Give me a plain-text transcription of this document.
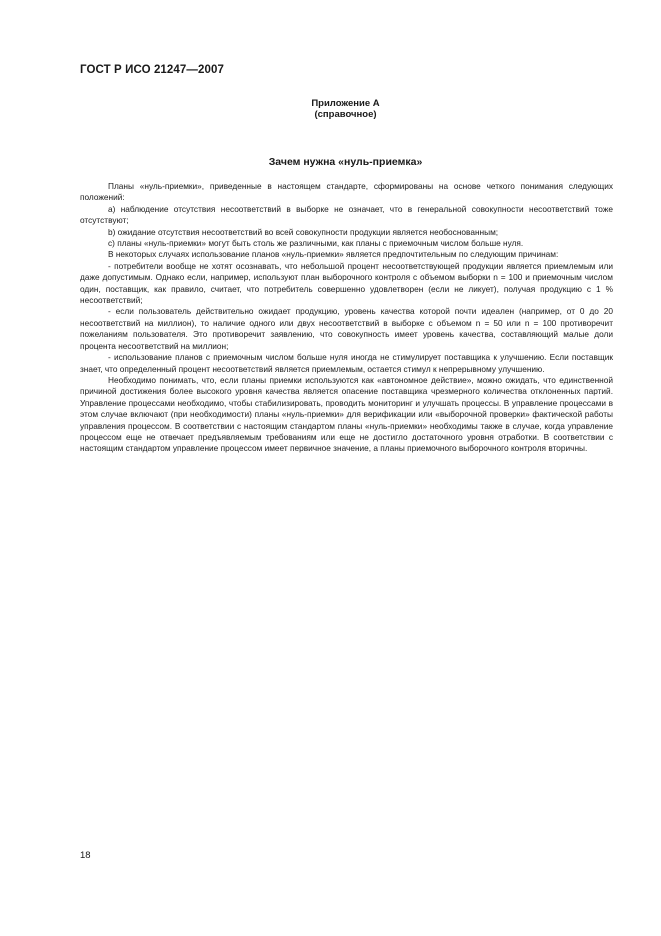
ГОСТ Р ИСО 21247—2007
Приложение А
(справочное)
Зачем нужна «нуль-приемка»

Планы «нуль-приемки», приведенные в настоящем стандарте, сформированы на основе четкого понимания следующих положений:

a) наблюдение отсутствия несоответствий в выборке не означает, что в генеральной совокупности несоответствий тоже отсутствуют;

b) ожидание отсутствия несоответствий во всей совокупности продукции является необоснованным;

c) планы «нуль-приемки» могут быть столь же различными, как планы с приемочным числом больше нуля.

В некоторых случаях использование планов «нуль-приемки» является предпочтительным по следующим причинам:

- потребители вообще не хотят осознавать, что небольшой процент несоответствующей продукции является приемлемым или даже допустимым. Однако если, например, используют план выборочного контроля с объемом выборки n = 100 и приемочным числом один, поставщик, как правило, считает, что потребитель совершенно удовлетворен (если не ликует), получая продукцию с 1 % несоответствий;

- если пользователь действительно ожидает продукцию, уровень качества которой почти идеален (например, от 0 до 20 несоответствий на миллион), то наличие одного или двух несоответствий в выборке с объемом n = 50 или n = 100 противоречит пожеланиям пользователя. Это противоречит заявлению, что совокупность имеет уровень качества, составляющий малые доли процента несоответствий на миллион;

- использование планов с приемочным числом больше нуля иногда не стимулирует поставщика к улучшению. Если поставщик знает, что определенный процент несоответствий является приемлемым, остается стимул к непрерывному улучшению.

Необходимо понимать, что, если планы приемки используются как «автономное действие», можно ожидать, что единственной причиной достижения более высокого уровня качества является опасение поставщика чрезмерного количества отклоненных партий. Управление процессами необходимо, чтобы стабилизировать, проводить мониторинг и улучшать процессы. В управление процессами в этом случае включают (при необходимости) планы «нуль-приемки» для верификации или «выборочной проверки» фактической работы управления процессом. В соответствии с настоящим стандартом планы «нуль-приемки» необходимы также в случае, когда управление процессом еще не отвечает предъявляемым требованиям или еще не достигло достаточного уровня отработки. В соответствии с настоящим стандартом управление процессом имеет первичное значение, а планы приемочного выборочного контроля вторичны.

18
